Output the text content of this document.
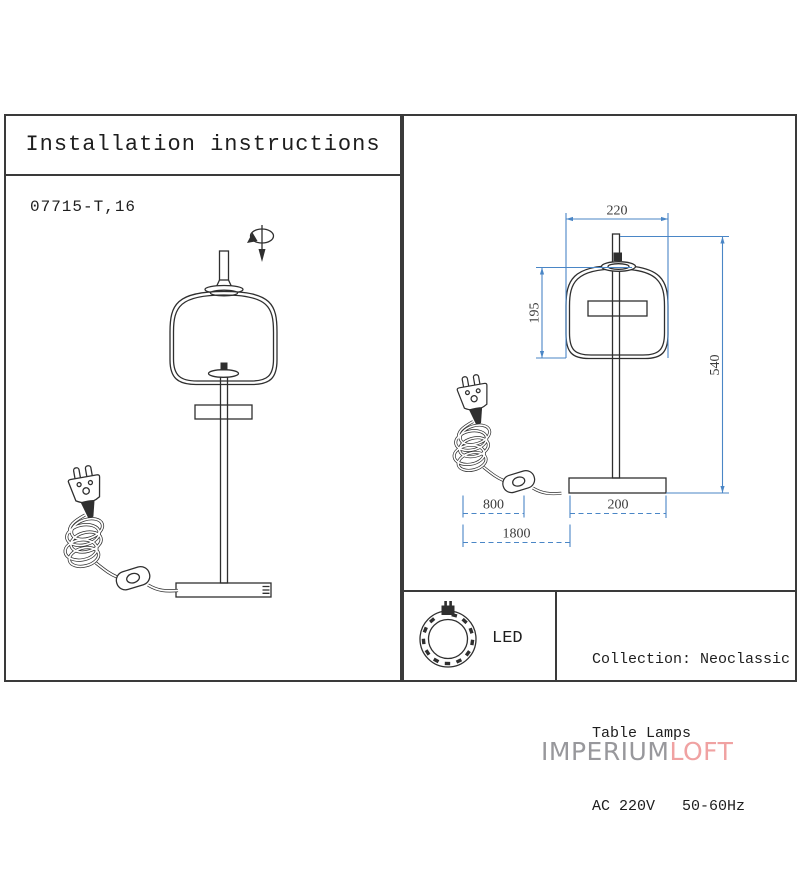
220
195
540
800	200
1800
Installation instructions
07715-T,16
LED

Collection: Neoclassic

Table Lamps

AC 220V   50-60Hz

IMPERIUMLOFT
